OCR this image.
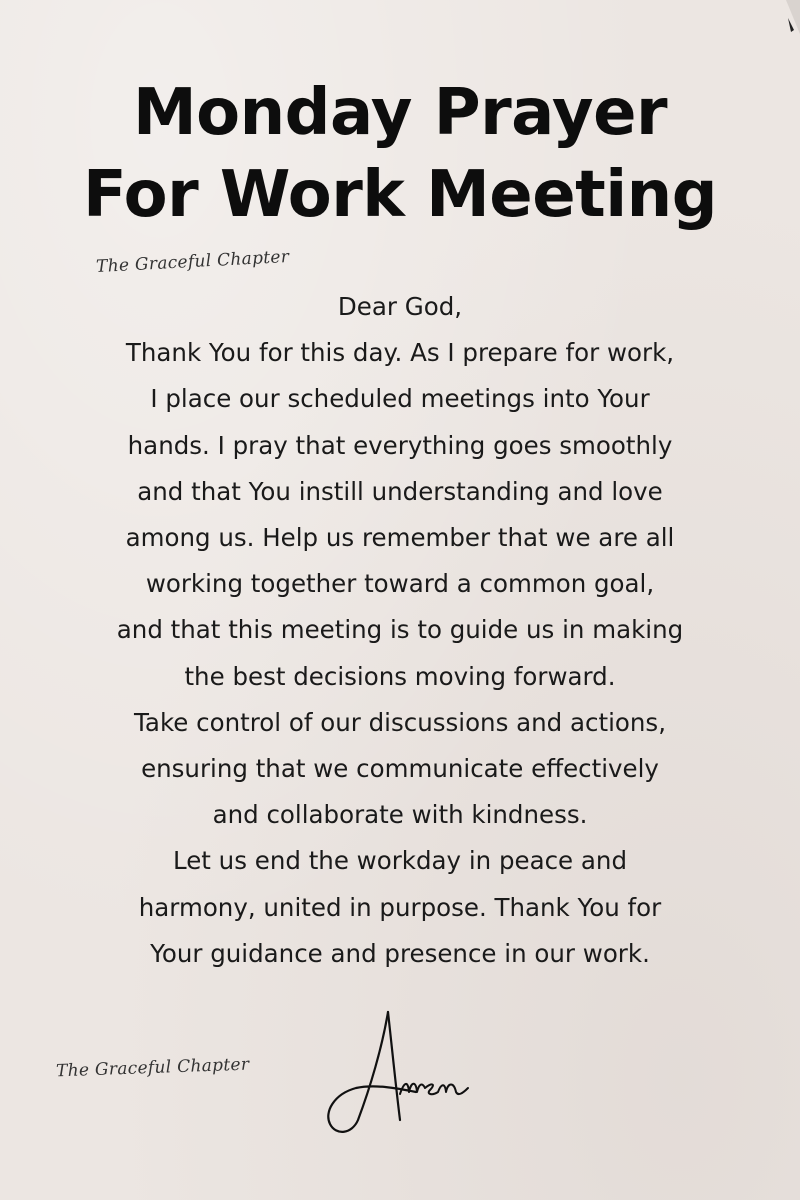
Monday Prayer
For Work Meeting
The Graceful Chapter
Dear God,
Thank You for this day. As I prepare for work,
I place our scheduled meetings into Your
hands. I pray that everything goes smoothly
and that You instill understanding and love
among us. Help us remember that we are all
working together toward a common goal,
and that this meeting is to guide us in making
the best decisions moving forward.
Take control of our discussions and actions,
ensuring that we communicate effectively
and collaborate with kindness.
Let us end the workday in peace and
harmony, united in purpose. Thank You for
Your guidance and presence in our work.
The Graceful Chapter
